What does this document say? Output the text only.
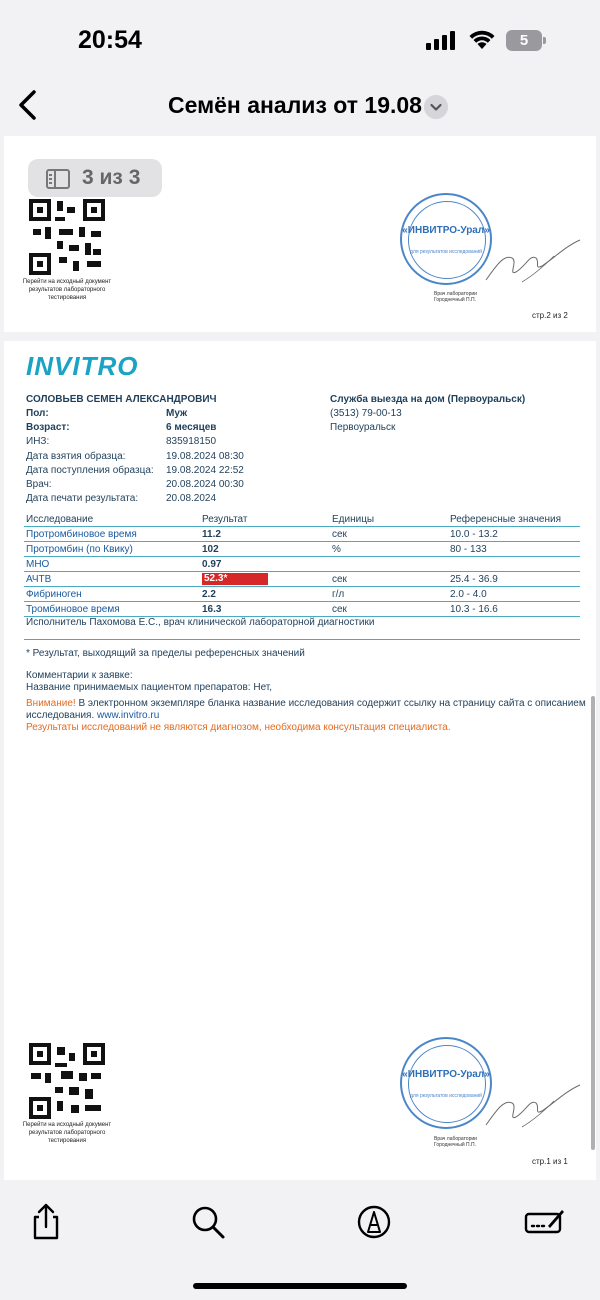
20:54	5
Семён анализ от 19.08
Перейти на исходный документ результатов лабораторного тестирования
3 из 3
«ИНВИТРО-Урал»
для результатов исследований
Врач лаборатории
Городнечный П.П.
стр.2 из 2
INVITRO
СОЛОВЬЕВ СЕМЕН АЛЕКСАНДРОВИЧ
Пол:	Муж
Возраст:	6 месяцев
ИНЗ:	835918150
Дата взятия образца:	19.08.2024 08:30
Дата поступления образца: 19.08.2024 22:52
Врач:	20.08.2024 00:30
Дата печати результата:	20.08.2024
Служба выезда на дом (Первоуральск)
(3513) 79-00-13
Первоуральск
Исследование	Результат	Единицы	Референсные значения
Протромбиновое время	11.2	сек	10.0 - 13.2
Протромбин (по Квику)	102	%	80 - 133
МНО	0.97
АЧТВ	52.3*	сек	25.4 - 36.9
Фибриноген	2.2	г/л	2.0 - 4.0
Тромбиновое время	16.3	сек	10.3 - 16.6
Исполнитель Пахомова Е.С., врач клинической лабораторной диагностики
* Результат, выходящий за пределы референсных значений
Комментарии к заявке:
Название принимаемых пациентом препаратов: Нет,
Внимание! В электронном экземпляре бланка название исследования содержит ссылку на страницу сайта с описанием
исследования. www.invitro.ru
Результаты исследований не являются диагнозом, необходима консультация специалиста.
Перейти на исходный документ результатов лабораторного тестирования
«ИНВИТРО-Урал»
для результатов исследований
Врач лаборатории
Городнечный П.П.
стр.1 из 1
